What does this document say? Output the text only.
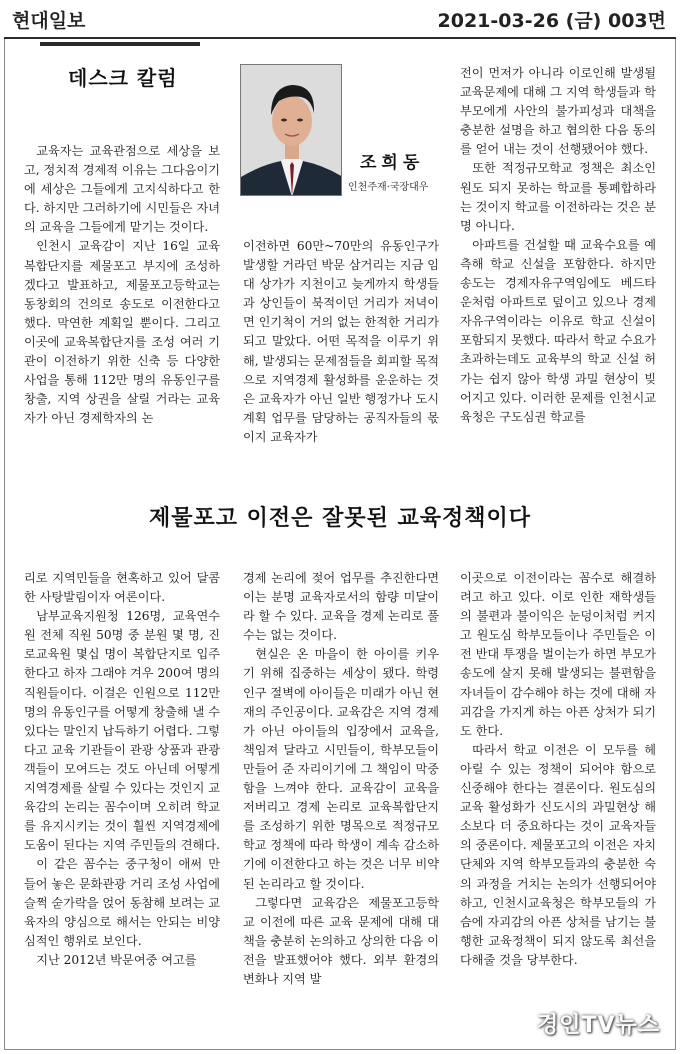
현대일보	2021-03-26 (금) 003면
데스크 칼럼
조희동
인천주재·국장대우

교육자는 교육관점으로 세상을 보고, 정치적 경제적 이유는 그다음이기에 세상은 그들에게 고지식하다고 한다. 하지만 그러하기에 시민들은 자녀의 교육을 그들에게 맡기는 것이다.

인천시 교육감이 지난 16일 교육복합단지를 제물포고 부지에 조성하겠다고 발표하고, 제물포고등학교는 동창회의 건의로 송도로 이전한다고 했다. 막연한 계획일 뿐이다. 그리고 이곳에 교육복합단지를 조성 여러 기관이 이전하기 위한 신축 등 다양한 사업을 통해 112만 명의 유동인구를 창출, 지역 상권을 살릴 거라는 교육자가 아닌 경제학자의 논

이전하면 60만~70만의 유동인구가 발생할 거라던 박문 삼거리는 지금 임대 상가가 지천이고 늦게까지 학생들과 상인들이 북적이던 거리가 저녁이면 인기척이 거의 없는 한적한 거리가 되고 말았다. 어떤 목적을 이루기 위해, 발생되는 문제점들을 회피할 목적으로 지역경제 활성화를 운운하는 것은 교육자가 아닌 일반 행정가나 도시계획 업무를 담당하는 공직자들의 몫이지 교육자가

전이 먼저가 아니라 이로인해 발생될 교육문제에 대해 그 지역 학생들과 학부모에게 사안의 불가피성과 대책을 충분한 설명을 하고 협의한 다음 동의를 얻어 내는 것이 선행됐어야 했다.

또한 적정규모학교 정책은 최소인원도 되지 못하는 학교를 통폐합하라는 것이지 학교를 이전하라는 것은 분명 아니다.

아파트를 건설할 때 교육수요를 예측해 학교 신설을 포함한다. 하지만 송도는 경제자유구역임에도 베드타운처럼 아파트로 덮이고 있으나 경제자유구역이라는 이유로 학교 신설이 포함되지 못했다. 따라서 학교 수요가 초과하는데도 교육부의 학교 신설 허가는 쉽지 않아 학생 과밀 현상이 빚어지고 있다. 이러한 문제를 인천시교육청은 구도심권 학교를

제물포고 이전은 잘못된 교육정책이다

리로 지역민들을 현혹하고 있어 달콤한 사탕발림이자 여론이다.

남부교육지원청 126명, 교육연수원 전체 직원 50명 중 분원 몇 명, 진로교육원 몇십 명이 복합단지로 입주한다고 하자 그래야 겨우 200여 명의 직원들이다. 이걸은 인원으로 112만 명의 유동인구를 어떻게 창출해 낼 수 있다는 말인지 납득하기 어렵다. 그렇다고 교육 기관들이 관광 상품과 관광객들이 모여드는 것도 아닌데 어떻게 지역경제를 살릴 수 있다는 것인지 교육감의 논리는 꼼수이며 오히려 학교를 유지시키는 것이 훨씬 지역경제에 도움이 된다는 지역 주민들의 견해다.

이 같은 꼼수는 중구청이 애써 만들어 놓은 문화관광 거리 조성 사업에 슬쩍 숟가락을 얹어 동참해 보려는 교육자의 양심으로 해서는 안되는 비양심적인 행위로 보인다.

지난 2012년 박문여중 여고를

경제 논리에 젖어 업무를 추진한다면 이는 분명 교육자로서의 함량 미달이라 할 수 있다. 교육을 경제 논리로 풀 수는 없는 것이다.

현실은 온 마을이 한 아이를 키우기 위해 집중하는 세상이 됐다. 학령인구 절벽에 아이들은 미래가 아닌 현재의 주인공이다. 교육감은 지역 경제가 아닌 아이들의 입장에서 교육을, 책임져 달라고 시민들이, 학부모들이 만들어 준 자리이기에 그 책임이 막중함을 느껴야 한다. 교육감이 교육을 저버리고 경제 논리로 교육복합단지를 조성하기 위한 명목으로 적정규모 학교 정책에 따라 학생이 계속 감소하기에 이전한다고 하는 것은 너무 비약된 논리라고 할 것이다.

그렇다면 교육감은 제물포고등학교 이전에 따른 교육 문제에 대해 대책을 충분히 논의하고 상의한 다음 이전을 발표했어야 했다. 외부 환경의 변화나 지역 발

이곳으로 이전이라는 꼼수로 해결하려고 하고 있다. 이로 인한 재학생들의 불편과 불이익은 눈덩이처럼 커지고 원도심 학부모들이나 주민들은 이전 반대 투쟁을 벌이는가 하면 부모가 송도에 살지 못해 발생되는 불편함을 자녀들이 감수해야 하는 것에 대해 자괴감을 가지게 하는 아픈 상처가 되기도 한다.

따라서 학교 이전은 이 모두를 헤아릴 수 있는 정책이 되어야 함으로 신중해야 한다는 결론이다. 원도심의 교육 활성화가 신도시의 과밀현상 해소보다 더 중요하다는 것이 교육자들의 중론이다. 제물포고의 이전은 자치단체와 지역 학부모들과의 충분한 숙의 과정을 거치는 논의가 선행되어야 하고, 인천시교육청은 학부모들의 가슴에 자괴감의 아픈 상처를 남기는 불행한 교육정책이 되지 않도록 최선을 다해줄 것을 당부한다.

경인TV뉴스
